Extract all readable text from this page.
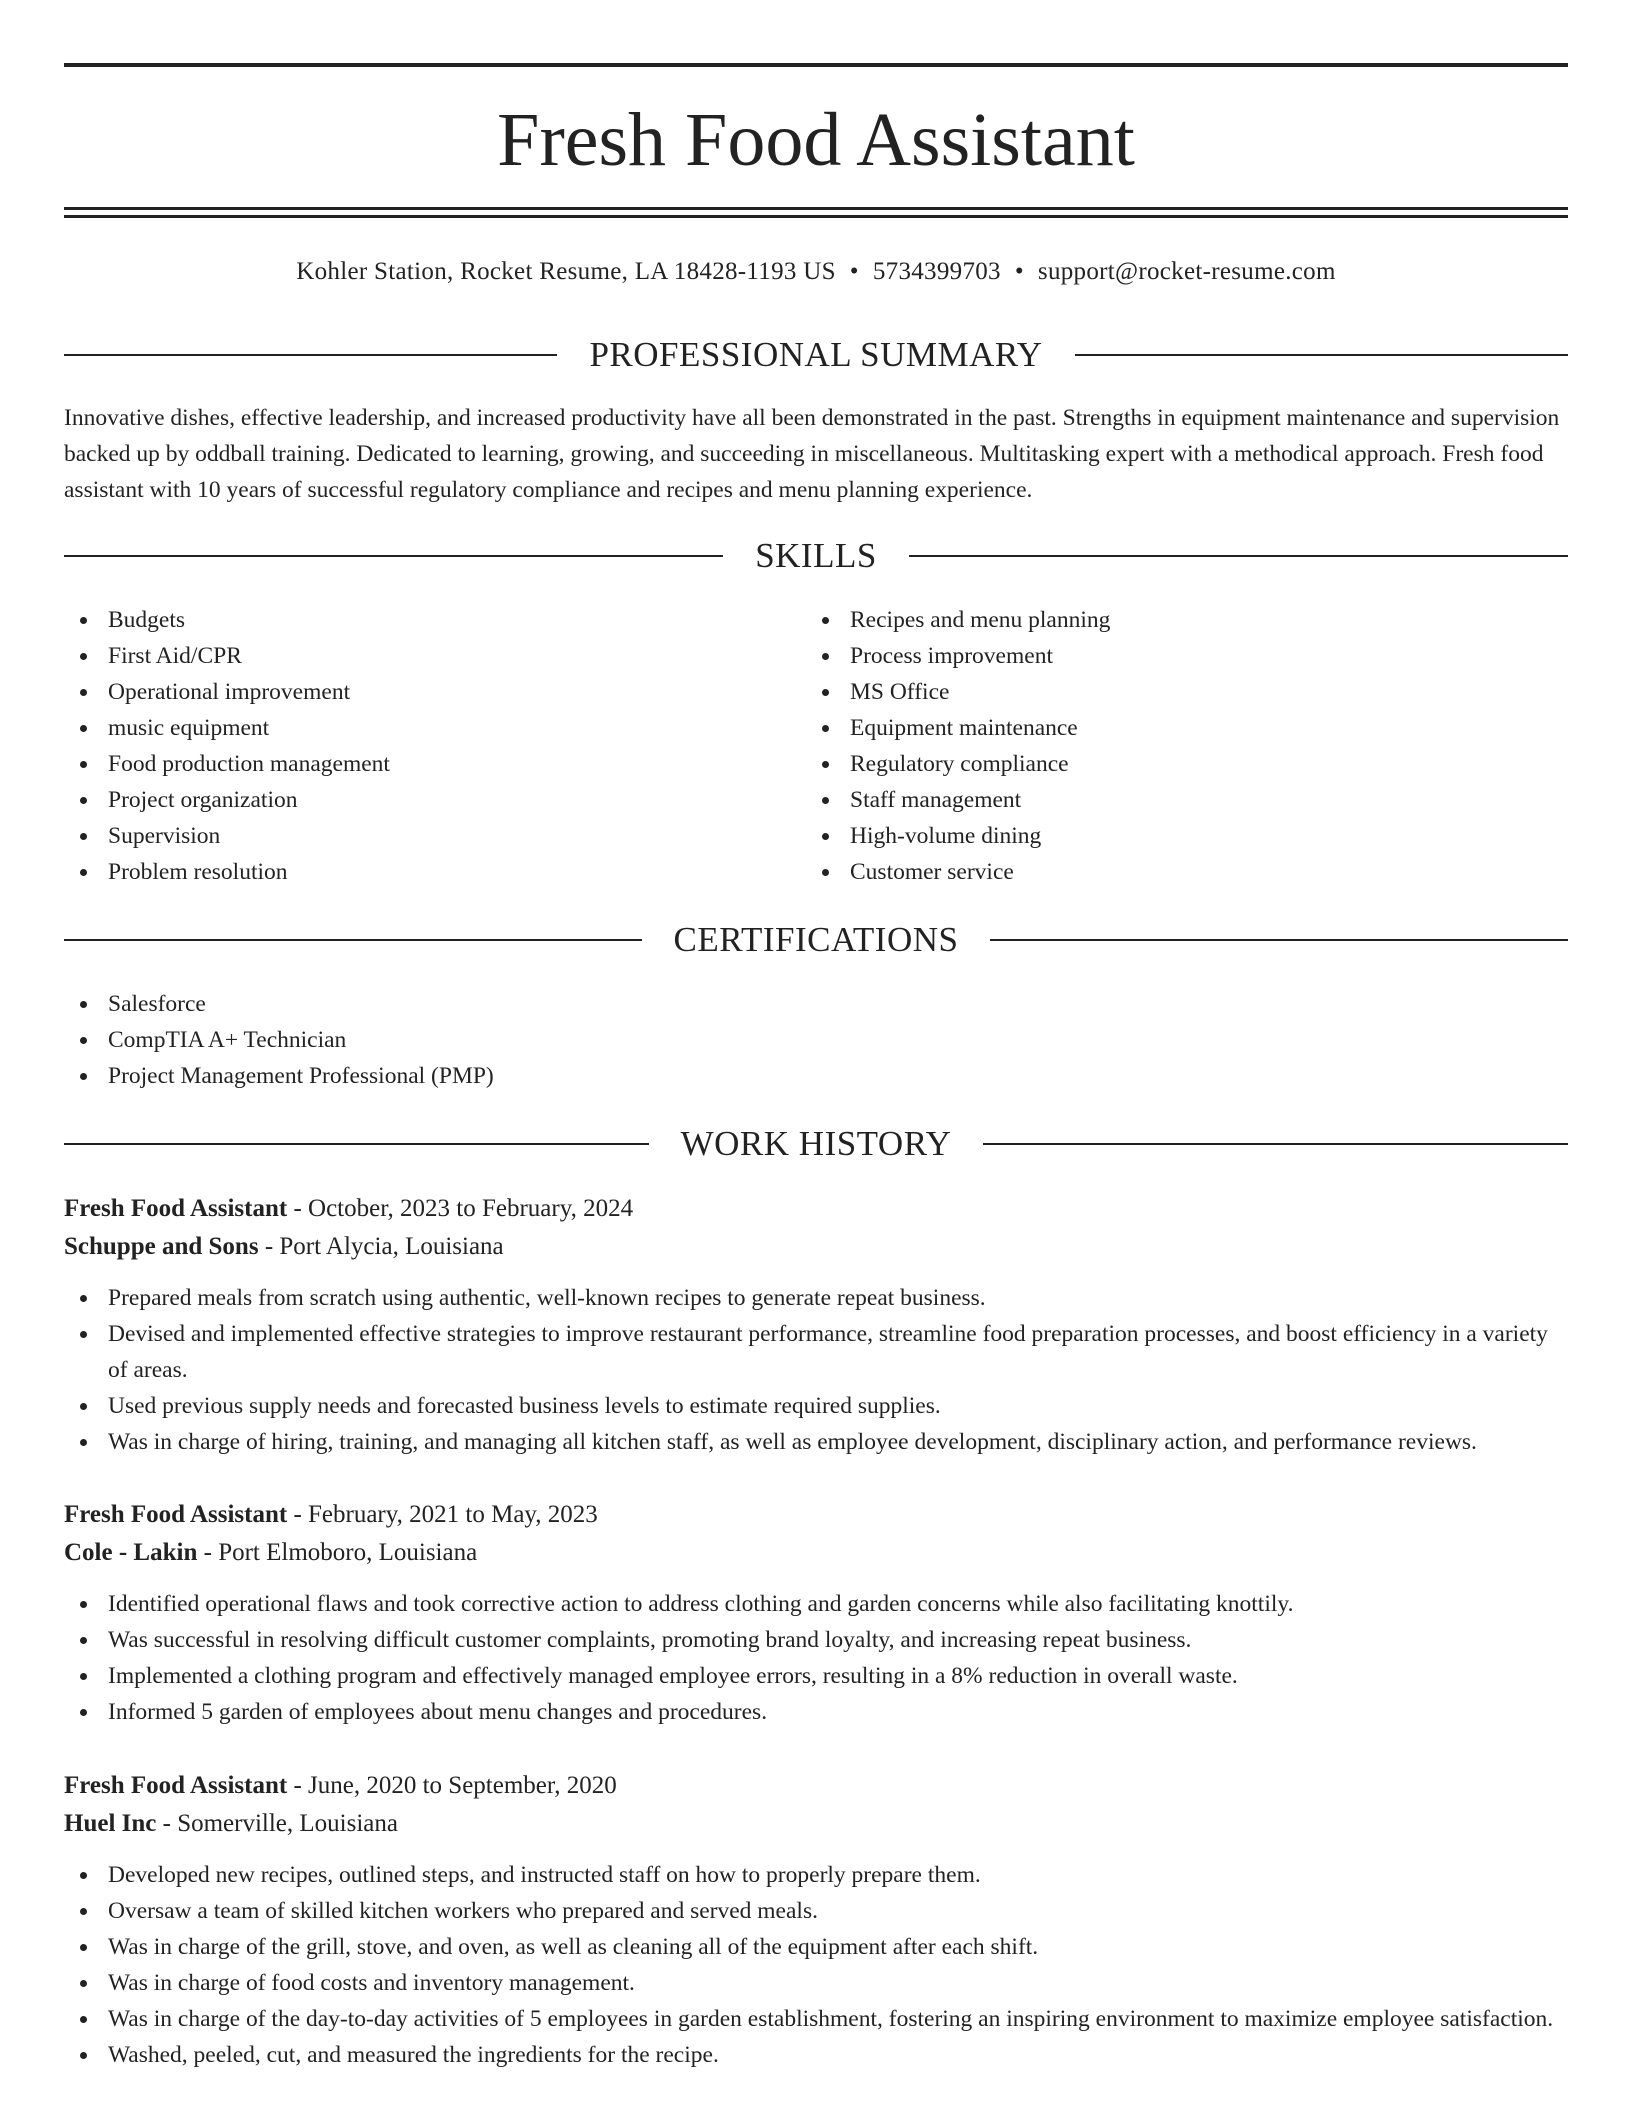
Fresh Food Assistant
Kohler Station, Rocket Resume, LA 18428-1193 US • 5734399703 • support@rocket-resume.com
PROFESSIONAL SUMMARY

Innovative dishes, effective leadership, and increased productivity have all been demonstrated in the past. Strengths in equipment maintenance and supervision backed up by oddball training. Dedicated to learning, growing, and succeeding in miscellaneous. Multitasking expert with a methodical approach. Fresh food assistant with 10 years of successful regulatory compliance and recipes and menu planning experience.

SKILLS
Budgets
First Aid/CPR
Operational improvement
music equipment
Food production management
Project organization
Supervision
Problem resolution
Recipes and menu planning
Process improvement
MS Office
Equipment maintenance
Regulatory compliance
Staff management
High-volume dining
Customer service
CERTIFICATIONS
Salesforce
CompTIA A+ Technician
Project Management Professional (PMP)
WORK HISTORY
Fresh Food Assistant - October, 2023 to February, 2024
Schuppe and Sons - Port Alycia, Louisiana
Prepared meals from scratch using authentic, well-known recipes to generate repeat business.
Devised and implemented effective strategies to improve restaurant performance, streamline food preparation processes, and boost efficiency in a variety of areas.
Used previous supply needs and forecasted business levels to estimate required supplies.
Was in charge of hiring, training, and managing all kitchen staff, as well as employee development, disciplinary action, and performance reviews.
Fresh Food Assistant - February, 2021 to May, 2023
Cole - Lakin - Port Elmoboro, Louisiana
Identified operational flaws and took corrective action to address clothing and garden concerns while also facilitating knottily.
Was successful in resolving difficult customer complaints, promoting brand loyalty, and increasing repeat business.
Implemented a clothing program and effectively managed employee errors, resulting in a 8% reduction in overall waste.
Informed 5 garden of employees about menu changes and procedures.
Fresh Food Assistant - June, 2020 to September, 2020
Huel Inc - Somerville, Louisiana
Developed new recipes, outlined steps, and instructed staff on how to properly prepare them.
Oversaw a team of skilled kitchen workers who prepared and served meals.
Was in charge of the grill, stove, and oven, as well as cleaning all of the equipment after each shift.
Was in charge of food costs and inventory management.
Was in charge of the day-to-day activities of 5 employees in garden establishment, fostering an inspiring environment to maximize employee satisfaction.
Washed, peeled, cut, and measured the ingredients for the recipe.
